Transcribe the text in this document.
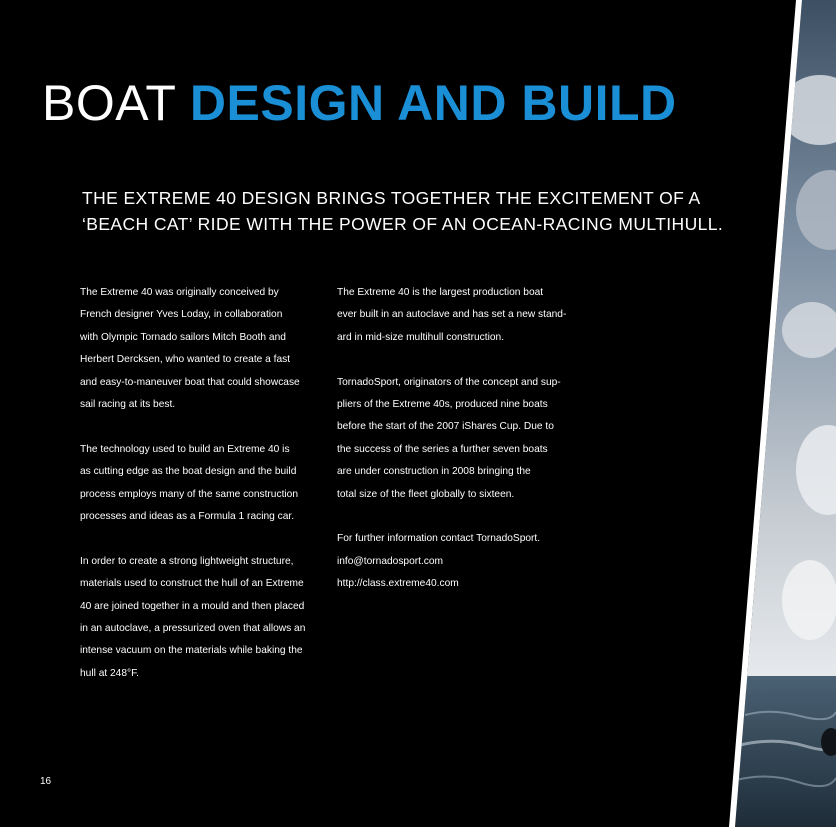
BOAT DESIGN AND BUILD
THE EXTREME 40 DESIGN BRINGS TOGETHER THE EXCITEMENT OF A
‘BEACH CAT’ RIDE WITH THE POWER OF AN OCEAN-RACING MULTIHULL.

The Extreme 40 was originally conceived by
French designer Yves Loday, in collaboration
with Olympic Tornado sailors Mitch Booth and
Herbert Dercksen, who wanted to create a fast
and easy-to-maneuver boat that could showcase
sail racing at its best.

The technology used to build an Extreme 40 is
as cutting edge as the boat design and the build
process employs many of the same construction
processes and ideas as a Formula 1 racing car.

In order to create a strong lightweight structure,
materials used to construct the hull of an Extreme
40 are joined together in a mould and then placed
in an autoclave, a pressurized oven that allows an
intense vacuum on the materials while baking the
hull at 248°F.

The Extreme 40 is the largest production boat
ever built in an autoclave and has set a new stand-
ard in mid-size multihull construction.

TornadoSport, originators of the concept and sup-
pliers of the Extreme 40s, produced nine boats
before the start of the 2007 iShares Cup. Due to
the success of the series a further seven boats
are under construction in 2008 bringing the
total size of the fleet globally to sixteen.

For further information contact TornadoSport.
info@tornadosport.com
http://class.extreme40.com

16
